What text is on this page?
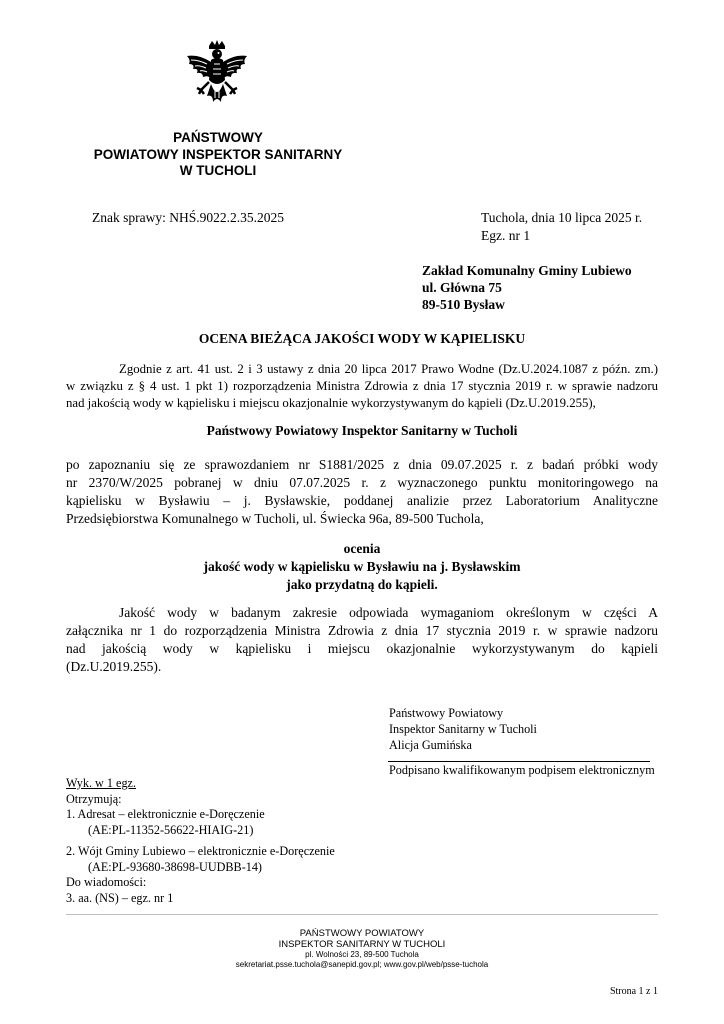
PAŃSTWOWY
POWIATOWY INSPEKTOR SANITARNY
W TUCHOLI
Znak sprawy: NHŚ.9022.2.35.2025	Tuchola, dnia 10 lipca 2025 r.
Egz. nr 1
Zakład Komunalny Gminy Lubiewo
ul. Główna 75
89-510 Bysław
OCENA BIEŻĄCA JAKOŚCI WODY W KĄPIELISKU
Zgodnie z art. 41 ust. 2 i 3 ustawy z dnia 20 lipca 2017 Prawo Wodne (Dz.U.2024.1087 z późn. zm.)
w związku z § 4 ust. 1 pkt 1) rozporządzenia Ministra Zdrowia z dnia 17 stycznia 2019 r. w sprawie nadzoru
nad jakością wody w kąpielisku i miejscu okazjonalnie wykorzystywanym do kąpieli (Dz.U.2019.255),
Państwowy Powiatowy Inspektor Sanitarny w Tucholi
po zapoznaniu się ze sprawozdaniem nr S1881/2025 z dnia 09.07.2025 r. z badań próbki wody
nr 2370/W/2025 pobranej w dniu 07.07.2025 r. z wyznaczonego punktu monitoringowego na
kąpielisku w Bysławiu – j. Bysławskie, poddanej analizie przez Laboratorium Analityczne
Przedsiębiorstwa Komunalnego w Tucholi, ul. Świecka 96a, 89-500 Tuchola,
ocenia
jakość wody w kąpielisku w Bysławiu na j. Bysławskim
jako przydatną do kąpieli.
Jakość wody w badanym zakresie odpowiada wymaganiom określonym w części A
załącznika nr 1 do rozporządzenia Ministra Zdrowia z dnia 17 stycznia 2019 r. w sprawie nadzoru
nad jakością wody w kąpielisku i miejscu okazjonalnie wykorzystywanym do kąpieli
(Dz.U.2019.255).
Państwowy Powiatowy
Inspektor Sanitarny w Tucholi
Alicja Gumińska
Podpisano kwalifikowanym podpisem elektronicznym
Wyk. w 1 egz.
Otrzymują:
1. Adresat – elektronicznie e-Doręczenie
(AE:PL-11352-56622-HIAIG-21)
2. Wójt Gminy Lubiewo – elektronicznie e-Doręczenie
(AE:PL-93680-38698-UUDBB-14)
Do wiadomości:
3. aa. (NS) – egz. nr 1
PAŃSTWOWY POWIATOWY
INSPEKTOR SANITARNY W TUCHOLI
pl. Wolności 23, 89-500 Tuchola
sekretariat.psse.tuchola@sanepid.gov.pl; www.gov.pl/web/psse-tuchola
Strona 1 z 1
